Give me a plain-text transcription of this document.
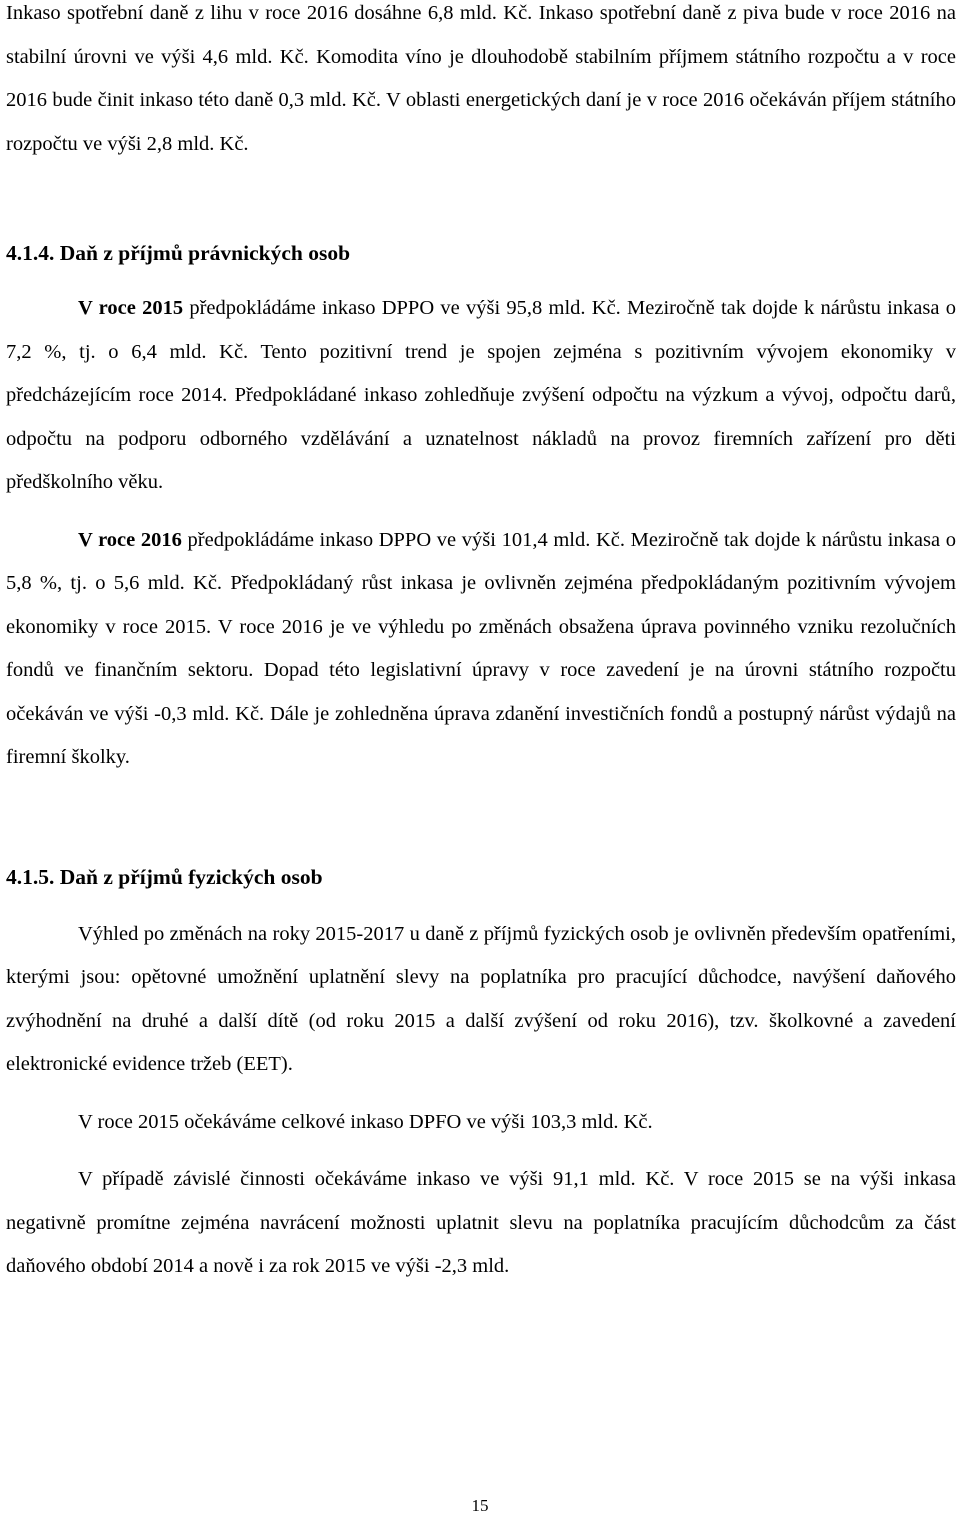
Inkaso spotřební daně z lihu v roce 2016 dosáhne 6,8 mld. Kč. Inkaso spotřební daně z piva bude v roce 2016 na stabilní úrovni ve výši 4,6 mld. Kč. Komodita víno je dlouhodobě stabilním příjmem státního rozpočtu a v roce 2016 bude činit inkaso této daně 0,3 mld. Kč. V oblasti energetických daní je v roce 2016 očekáván příjem státního rozpočtu ve výši 2,8 mld. Kč.

4.1.4. Daň z příjmů právnických osob

V roce 2015 předpokládáme inkaso DPPO ve výši 95,8 mld. Kč. Meziročně tak dojde k nárůstu inkasa o 7,2 %, tj. o 6,4 mld. Kč. Tento pozitivní trend je spojen zejména s pozitivním vývojem ekonomiky v předcházejícím roce 2014. Předpokládané inkaso zohledňuje zvýšení odpočtu na výzkum a vývoj, odpočtu darů, odpočtu na podporu odborného vzdělávání a uznatelnost nákladů na provoz firemních zařízení pro děti předškolního věku.

V roce 2016 předpokládáme inkaso DPPO ve výši 101,4 mld. Kč. Meziročně tak dojde k nárůstu inkasa o 5,8 %, tj. o 5,6 mld. Kč. Předpokládaný růst inkasa je ovlivněn zejména předpokládaným pozitivním vývojem ekonomiky v roce 2015. V roce 2016 je ve výhledu po změnách obsažena úprava povinného vzniku rezolučních fondů ve finančním sektoru. Dopad této legislativní úpravy v roce zavedení je na úrovni státního rozpočtu očekáván ve výši -0,3 mld. Kč. Dále je zohledněna úprava zdanění investičních fondů a postupný nárůst výdajů na firemní školky.

4.1.5. Daň z příjmů fyzických osob

Výhled po změnách na roky 2015-2017 u daně z příjmů fyzických osob je ovlivněn především opatřeními, kterými jsou: opětovné umožnění uplatnění slevy na poplatníka pro pracující důchodce, navýšení daňového zvýhodnění na druhé a další dítě (od roku 2015 a další zvýšení od roku 2016), tzv. školkovné a zavedení elektronické evidence tržeb (EET).

V roce 2015 očekáváme celkové inkaso DPFO ve výši 103,3 mld. Kč.

V případě závislé činnosti očekáváme inkaso ve výši 91,1 mld. Kč. V roce 2015 se na výši inkasa negativně promítne zejména navrácení možnosti uplatnit slevu na poplatníka pracujícím důchodcům za část daňového období 2014 a nově i za rok 2015 ve výši -2,3 mld.

15
